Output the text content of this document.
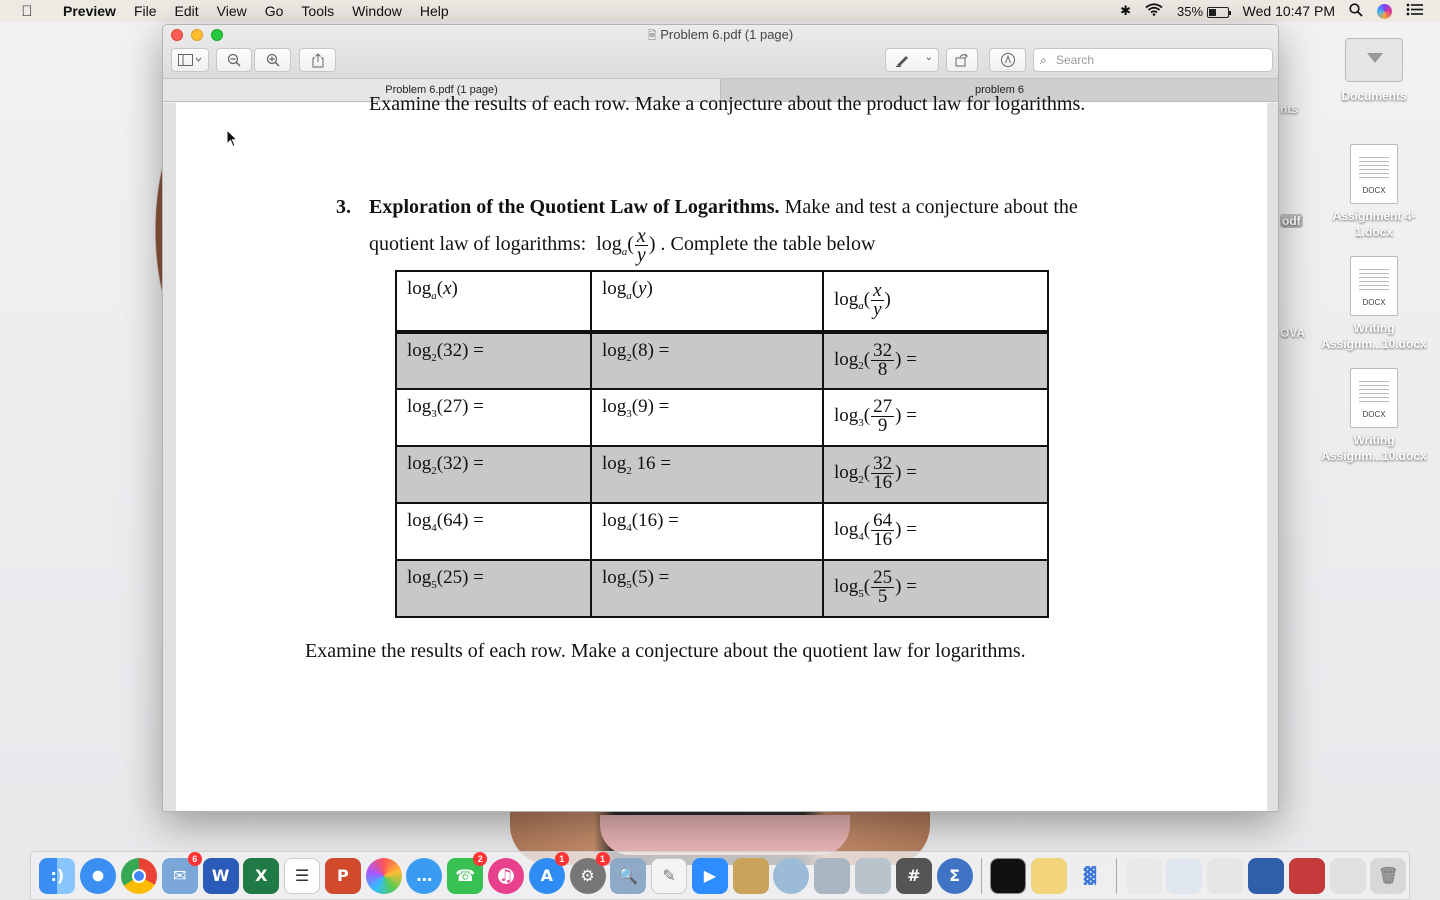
Preview	File	Edit	View	Go	Tools	Window	Help	✱	35%	Wed 10:47 PM
Documents
DOCX
Assignment 4-1.docx
DOCX
Writing Assignm...10.docx
DOCX
Writing Assignm...10.docx
nts
odf
OVA
🗎 Problem 6.pdf (1 page)
⌄	⌕ Search
Problem 6.pdf (1 page)	problem 6
Examine the results of each row. Make a conjecture about the product law for logarithms.
3. Exploration of the Quotient Law of Logarithms. Make and test a conjecture about the
quotient law of logarithms:  $\log_a( \frac{x}{y}$ ) . Complete the table below
$\log_a(x)$	$\log_a(y)$	$\log_a( \frac{x}{y}$ )
$\log_2(32)$ =	$\log_2(8)$ =	$\log_2( \frac{32}{8}$ ) =
$\log_3(27)$ =	$\log_3(9)$ =	$\log_3( \frac{27}{9}$ ) =
$\log_2(32)$ =	$\log_2 16$ =	$\log_2( \frac{32}{16}$ ) =
$\log_4(64)$ =	$\log_4(16)$ =	$\log_4( \frac{64}{16}$ ) =
$\log_5(25)$ =	$\log_5(5)$ =	$\log_5( \frac{25}{5}$ ) =
Examine the results of each row. Make a conjecture about the quotient law for logarithms.
:)	✉
6
W	X	☰	P	…	☎
2
♫	A
1
⚙
1
🔍	✎	▶	#	Σ	▓	🗑
